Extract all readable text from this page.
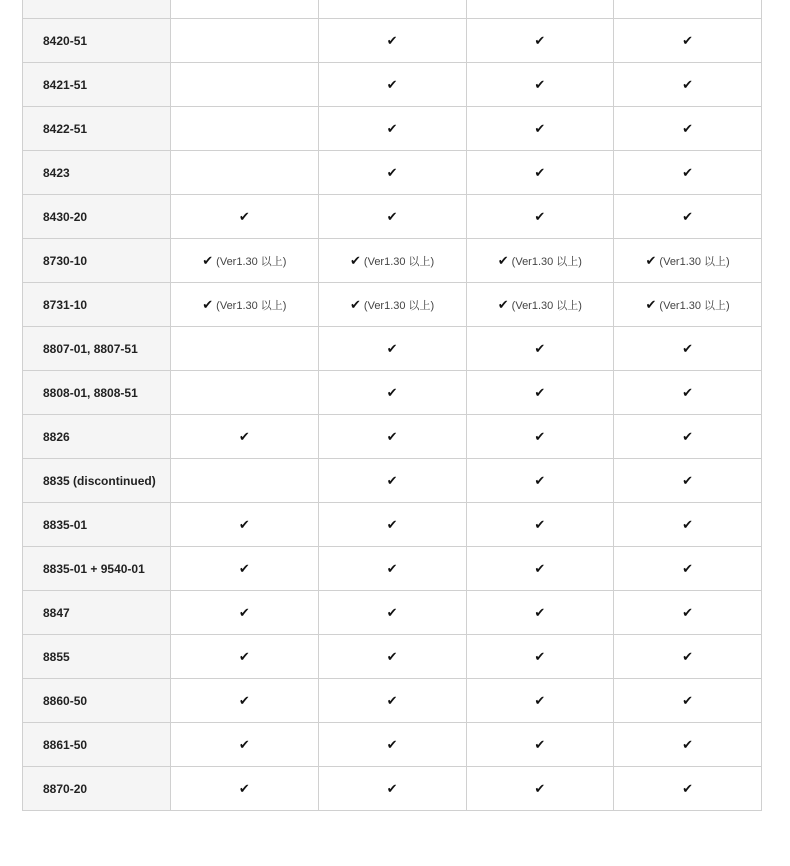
8420-51		✔	✔	✔
8421-51		✔	✔	✔
8422-51		✔	✔	✔
8423		✔	✔	✔
8430-20	✔	✔	✔	✔
8730-10	✔ (Ver1.30 以上)	✔ (Ver1.30 以上)	✔ (Ver1.30 以上)	✔ (Ver1.30 以上)
8731-10	✔ (Ver1.30 以上)	✔ (Ver1.30 以上)	✔ (Ver1.30 以上)	✔ (Ver1.30 以上)
8807-01, 8807-51		✔	✔	✔
8808-01, 8808-51		✔	✔	✔
8826	✔	✔	✔	✔
8835 (discontinued)		✔	✔	✔
8835-01	✔	✔	✔	✔
8835-01 + 9540-01	✔	✔	✔	✔
8847	✔	✔	✔	✔
8855	✔	✔	✔	✔
8860-50	✔	✔	✔	✔
8861-50	✔	✔	✔	✔
8870-20	✔	✔	✔	✔
